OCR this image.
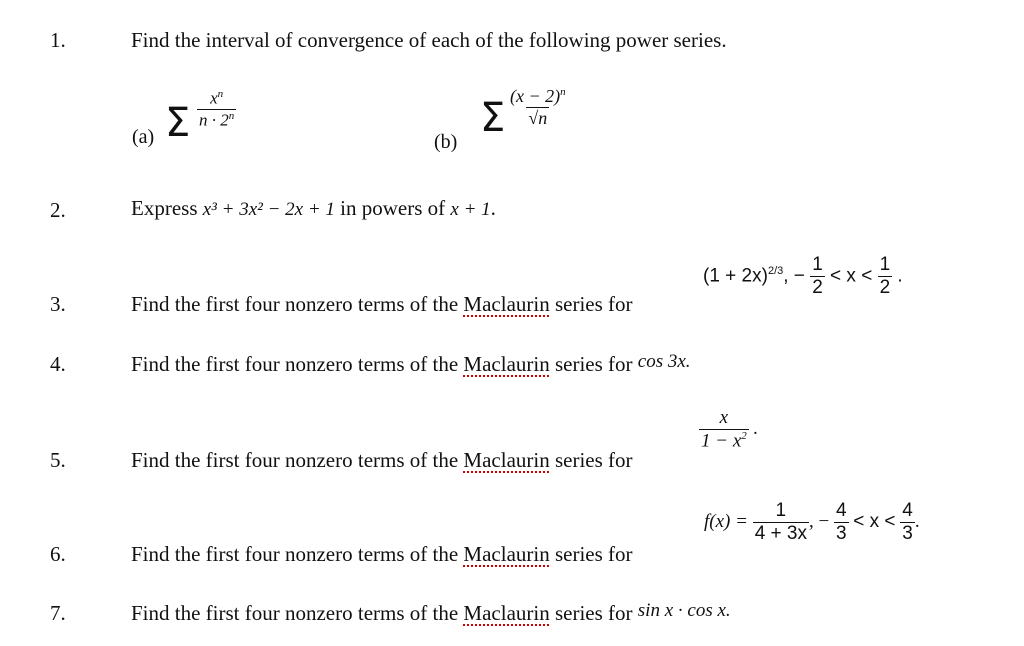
1.	Find the interval of convergence of each of the following power series.
(a) Σ $\frac{x^n}{n \cdot 2^n}$
(b)
Σ $\frac{(x - 2)^n}{√n}$
2.	Express x³ + 3x² − 2x + 1 in powers of x + 1.
3.	Find the first four nonzero terms of the Maclaurin series for
$(1 + 2x)^{2/3}$, − $\frac{1}{2} < x < \frac{1}{2}$ .
4.	Find the first four nonzero terms of the Maclaurin series for cos 3x.
5.	Find the first four nonzero terms of the Maclaurin series for
$\frac{x}{1 - x^2}$ .
6.	Find the first four nonzero terms of the Maclaurin series for
$f(x) = \frac{1}{4 + 3x}$ , − $\frac{4}{3} < x < \frac{4}{3}$ .
7.	Find the first four nonzero terms of the Maclaurin series for sin x · cos x.
